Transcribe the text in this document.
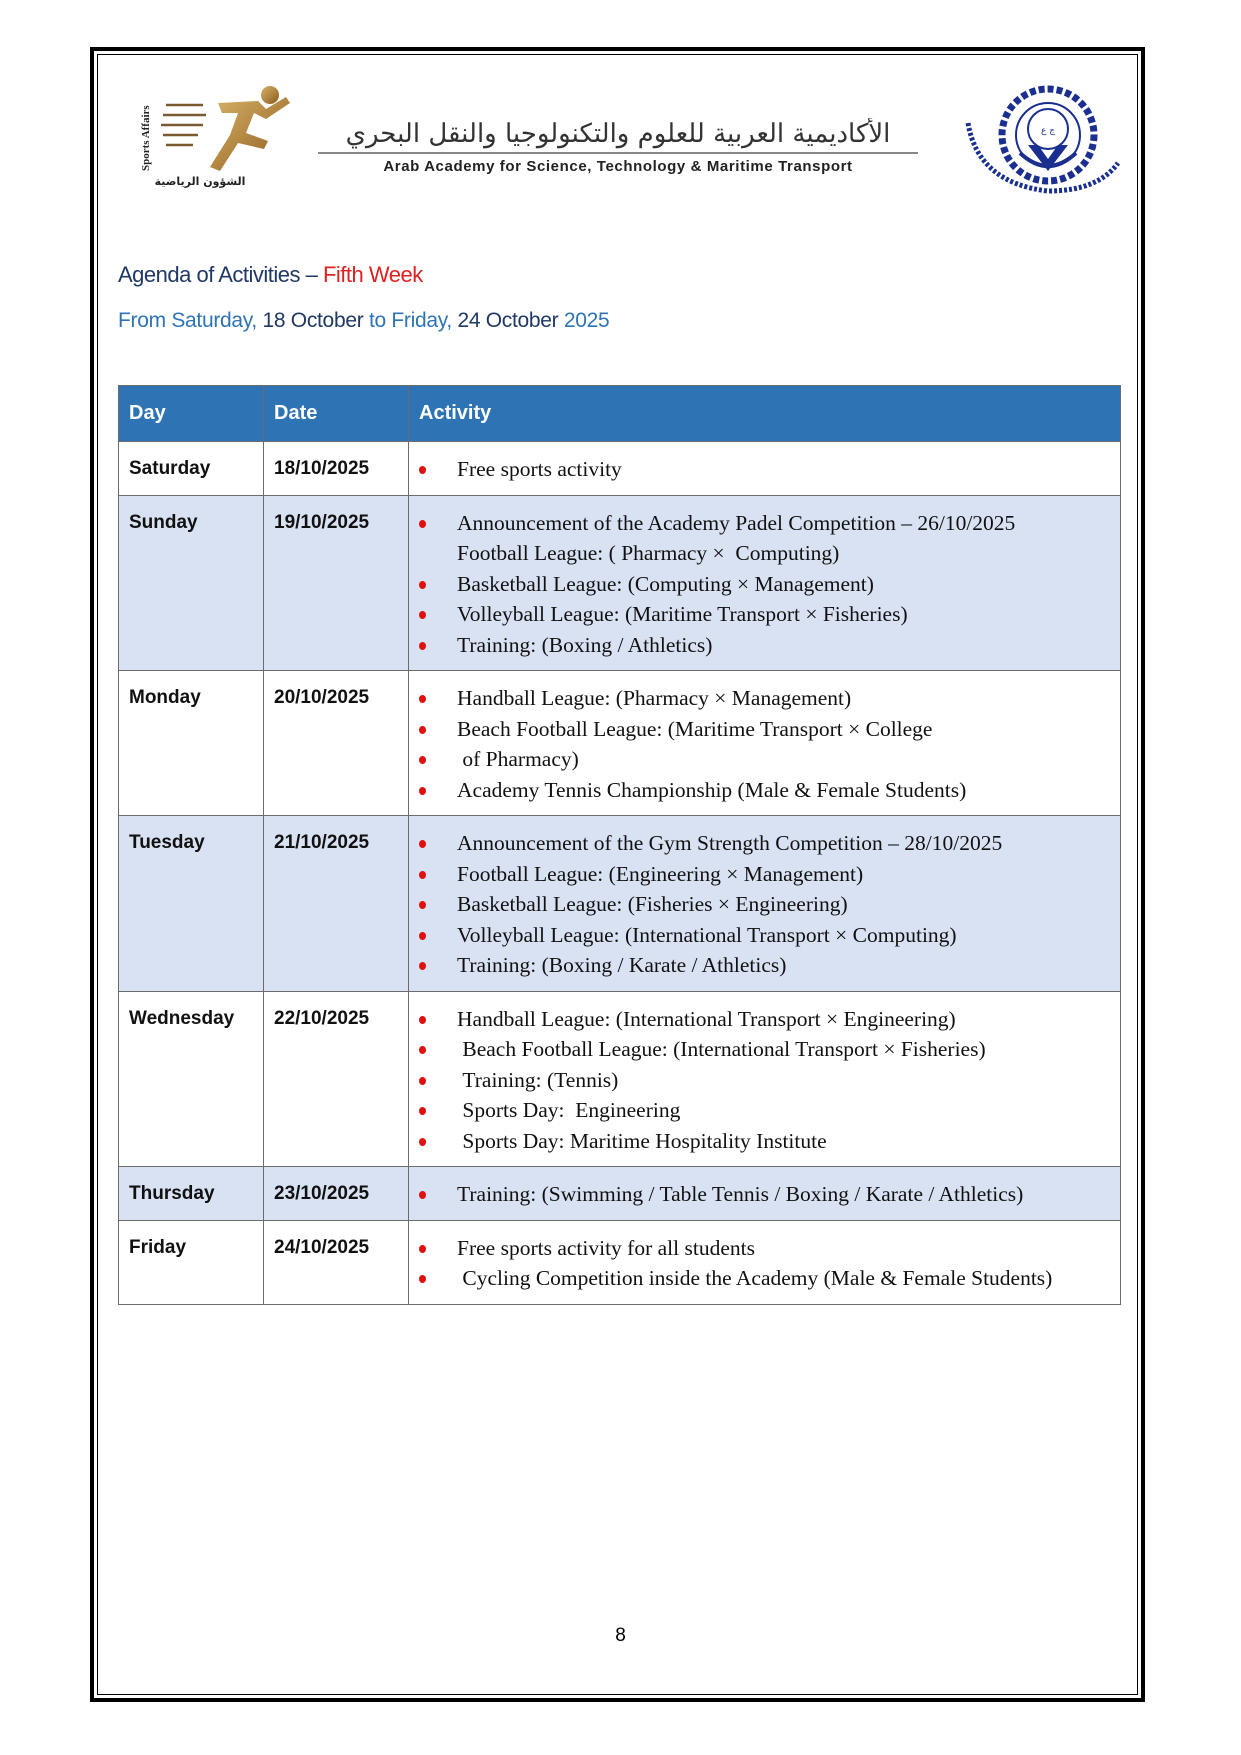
Sports Affairs
الشؤون الرياضية
الأكاديمية العربية للعلوم والتكنولوجيا والنقل البحري
Arab Academy for Science, Technology & Maritime Transport
ج ع
Agenda of Activities – Fifth Week
From Saturday, 18 October to Friday, 24 October 2025
Day	Date	Activity
Saturday	18/10/2025	Free sports activity

Sunday	19/10/2025	Announcement of the Academy Padel Competition – 26/10/2025
Football League: ( Pharmacy ×  Computing)
Basketball League: (Computing × Management)
Volleyball League: (Maritime Transport × Fisheries)
Training: (Boxing / Athletics)

Monday	20/10/2025	Handball League: (Pharmacy × Management)
Beach Football League: (Maritime Transport × College
of Pharmacy)
Academy Tennis Championship (Male & Female Students)

Tuesday	21/10/2025	Announcement of the Gym Strength Competition – 28/10/2025
Football League: (Engineering × Management)
Basketball League: (Fisheries × Engineering)
Volleyball League: (International Transport × Computing)
Training: (Boxing / Karate / Athletics)

Wednesday	22/10/2025	Handball League: (International Transport × Engineering)
Beach Football League: (International Transport × Fisheries)
Training: (Tennis)
Sports Day:  Engineering
Sports Day: Maritime Hospitality Institute

Thursday	23/10/2025	Training: (Swimming / Table Tennis / Boxing / Karate / Athletics)

Friday	24/10/2025	Free sports activity for all students
Cycling Competition inside the Academy (Male & Female Students)
8
